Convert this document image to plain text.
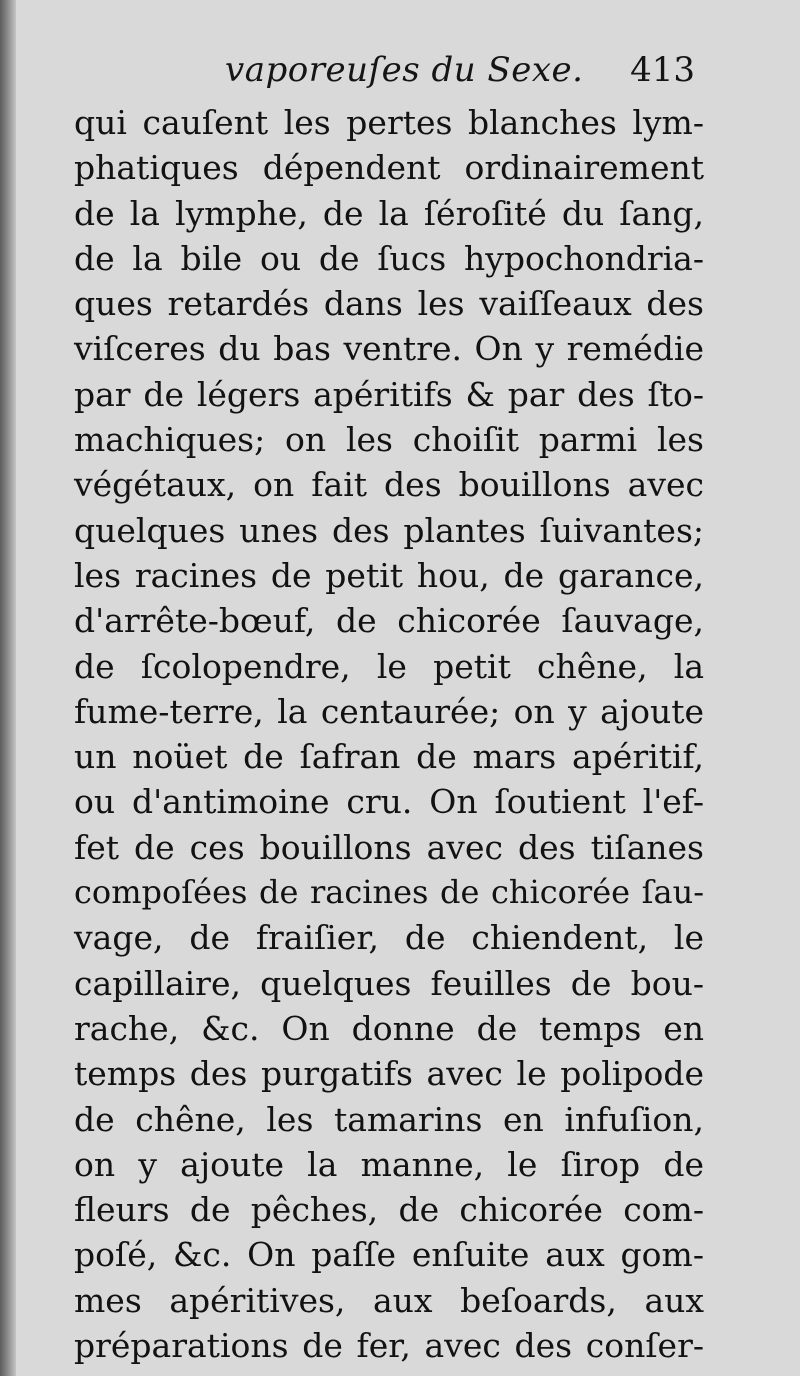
vaporeuſes du Sexe. 413
qui cauſent les pertes blanches lym-
phatiques dépendent ordinairement
de la lymphe, de la ſéroſité du ſang,
de la bile ou de ſucs hypochondria-
ques retardés dans les vaiſſeaux des
viſceres du bas ventre. On y remédie
par de légers apéritifs & par des ſto-
machiques; on les choiſit parmi les
végétaux, on fait des bouillons avec
quelques unes des plantes ſuivantes;
les racines de petit hou, de garance,
d'arrête-bœuf, de chicorée ſauvage,
de ſcolopendre, le petit chêne, la
fume-terre, la centaurée; on y ajoute
un noüet de ſafran de mars apéritif,
ou d'antimoine cru. On ſoutient l'ef-
fet de ces bouillons avec des tiſanes
compoſées de racines de chicorée ſau-
vage, de fraiſier, de chiendent, le
capillaire, quelques feuilles de bou-
rache, &c. On donne de temps en
temps des purgatifs avec le polipode
de chêne, les tamarins en infuſion,
on y ajoute la manne, le ſirop de
fleurs de pêches, de chicorée com-
poſé, &c. On paſſe enſuite aux gom-
mes apéritives, aux beſoards, aux
préparations de fer, avec des conſer-
